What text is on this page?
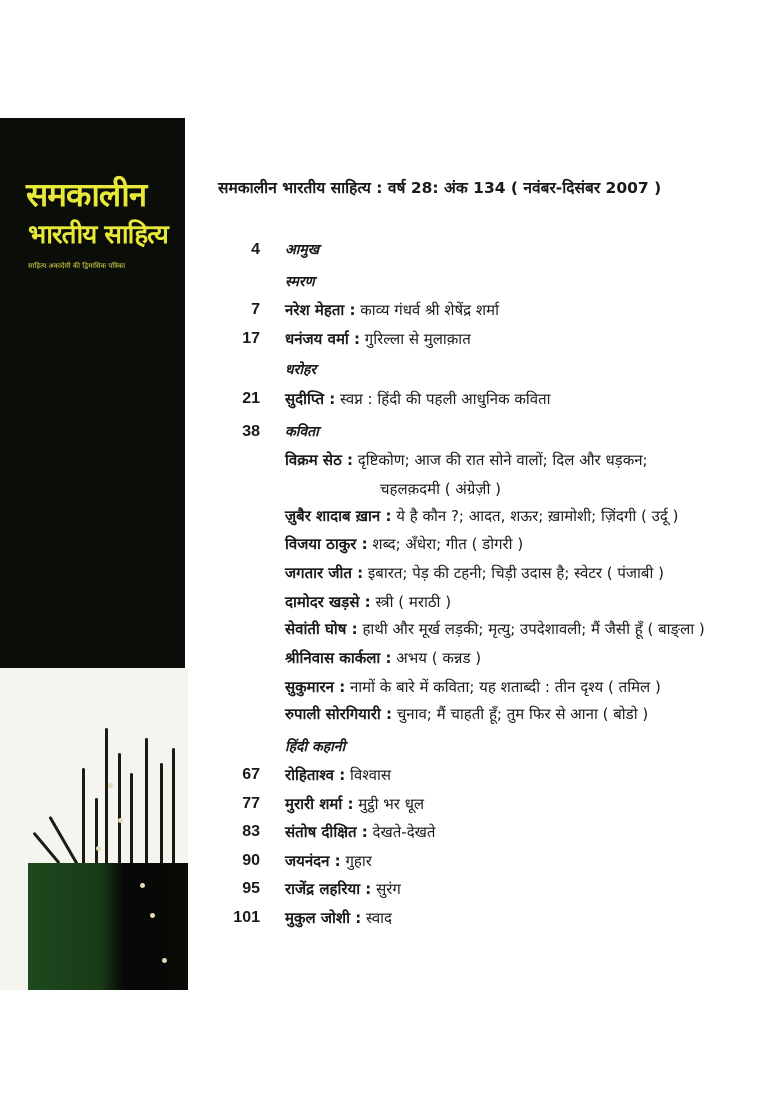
समकालीन
भारतीय साहित्य
साहित्य अकादेमी की द्विमासिक पत्रिका
समकालीन भारतीय साहित्य : वर्ष 28: अंक 134 ( नवंबर-दिसंबर 2007 )
4 आमुख
स्मरण
7 नरेश मेहता : काव्य गंधर्व श्री शेषेंद्र शर्मा
17 धनंजय वर्मा : गुरिल्ला से मुलाक़ात
धरोहर
21 सुदीप्ति : स्वप्न : हिंदी की पहली आधुनिक कविता
38 कविता
विक्रम सेठ : दृष्टिकोण; आज की रात सोने वालों; दिल और धड़कन;
चहलक़दमी ( अंग्रेज़ी )
ज़ुबैर शादाब ख़ान : ये है कौन ?; आदत, शऊर; ख़ामोशी; ज़िंदगी ( उर्दू )
विजया ठाकुर : शब्द; अँधेरा; गीत ( डोगरी )
जगतार जीत : इबारत; पेड़ की टहनी; चिड़ी उदास है; स्वेटर ( पंजाबी )
दामोदर खड़से : स्त्री ( मराठी )
सेवांती घोष : हाथी और मूर्ख लड़की; मृत्यु; उपदेशावली; मैं जैसी हूँ ( बाङ्ला )
श्रीनिवास कार्कला : अभय ( कन्नड )
सुकुमारन : नामों के बारे में कविता; यह शताब्दी : तीन दृश्य ( तमिल )
रुपाली सोरगियारी : चुनाव; मैं चाहती हूँ; तुम फिर से आना ( बोडो )
हिंदी कहानी
67 रोहिताश्व : विश्वास
77 मुरारी शर्मा : मुट्ठी भर धूल
83 संतोष दीक्षित : देखते-देखते
90 जयनंदन : गुहार
95 राजेंद्र लहरिया : सुरंग
101 मुकुल जोशी : स्वाद
